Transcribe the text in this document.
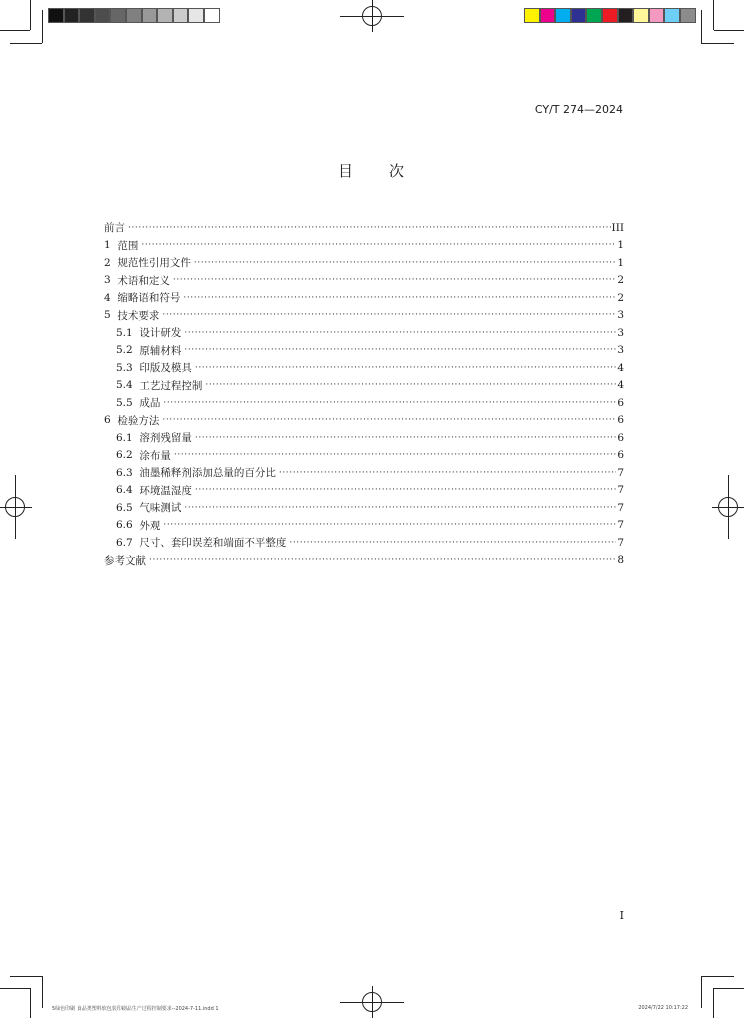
CY/T 274—2024
目 次
前言 ·····	III
1 范围 ·····	1
2 规范性引用文件 ·····	1
3 术语和定义 ·····	2
4 缩略语和符号 ·····	2
5 技术要求 ·····	3
5.1 设计研发 ·····	3
5.2 原辅材料 ·····	3
5.3 印版及模具 ·····	4
5.4 工艺过程控制 ·····	4
5.5 成品 ·····	6
6 检验方法 ·····	6
6.1 溶剂残留量 ·····	6
6.2 涂布量 ·····	6
6.3 油墨稀释剂添加总量的百分比 ·····	7
6.4 环境温湿度 ·····	7
6.5 气味测试 ·····	7
6.6 外观 ·····	7
6.7 尺寸、套印误差和端面不平整度 ·····	7
参考文献 ·····	8
I
5绿色印刷 食品类塑料软包装印刷品生产过程控制要求--2024-7-11.indd 1	2024/7/22 10:17:22
